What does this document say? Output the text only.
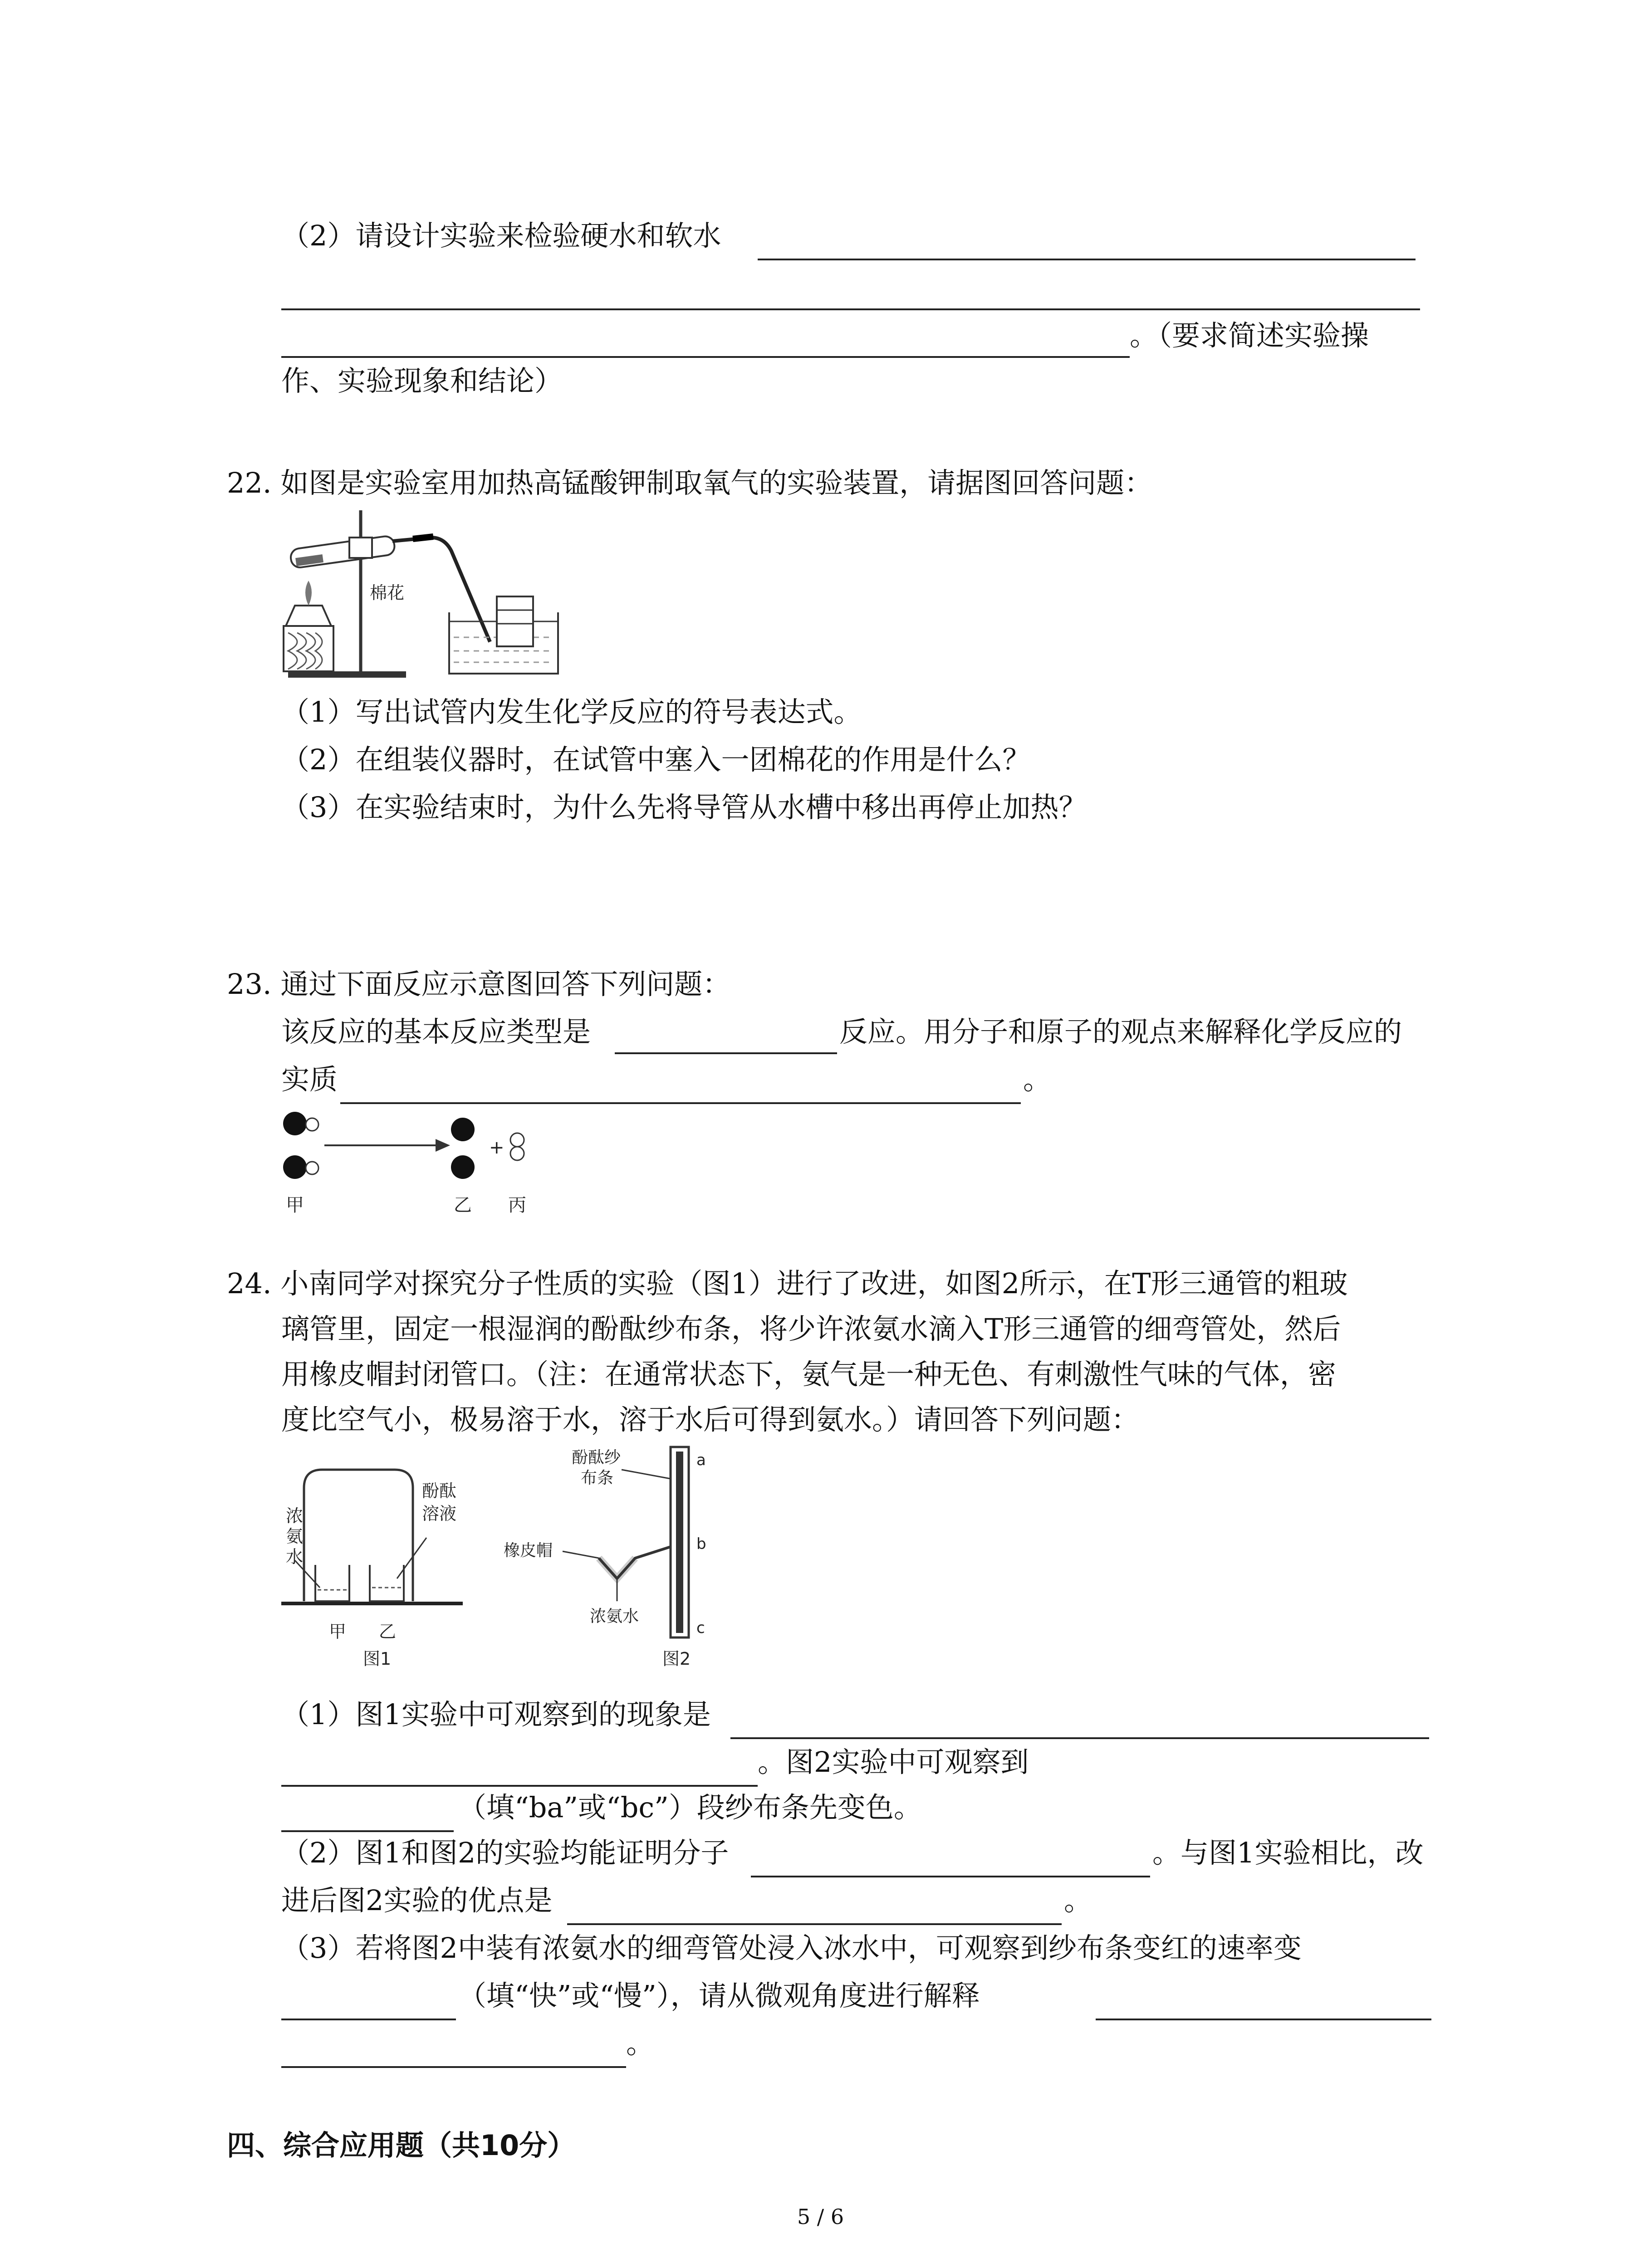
（2）请设计实验来检验硬水和软水
。（要求简述实验操
作、实验现象和结论）
22. 如图是实验室用加热高锰酸钾制取氧气的实验装置，请据图回答问题：
棉花
（1）写出试管内发生化学反应的符号表达式。
（2）在组装仪器时，在试管中塞入一团棉花的作用是什么？
（3）在实验结束时，为什么先将导管从水槽中移出再停止加热？
23. 通过下面反应示意图回答下列问题：
该反应的基本反应类型是	反应。用分子和原子的观点来解释化学反应的
实质	。
+
甲	乙 丙
24. 小南同学对探究分子性质的实验（图1）进行了改进，如图2所示，在T形三通管的粗玻
璃管里，固定一根湿润的酚酞纱布条，将少许浓氨水滴入T形三通管的细弯管处，然后
用橡皮帽封闭管口。（注：在通常状态下，氨气是一种无色、有刺激性气味的气体，密
度比空气小，极易溶于水，溶于水后可得到氨水。）请回答下列问题：
浓
氨
水
酚酞
溶液
甲 乙
图1
酚酞纱
布条
橡皮帽
浓氨水
a
b
c
图2
（1）图1实验中可观察到的现象是
。图2实验中可观察到
（填“ba”或“bc”）段纱布条先变色。
（2）图1和图2的实验均能证明分子	。与图1实验相比，改
进后图2实验的优点是	。
（3）若将图2中装有浓氨水的细弯管处浸入冰水中，可观察到纱布条变红的速率变
（填“快”或“慢”），请从微观角度进行解释
。
四、综合应用题（共10分）
5 / 6
